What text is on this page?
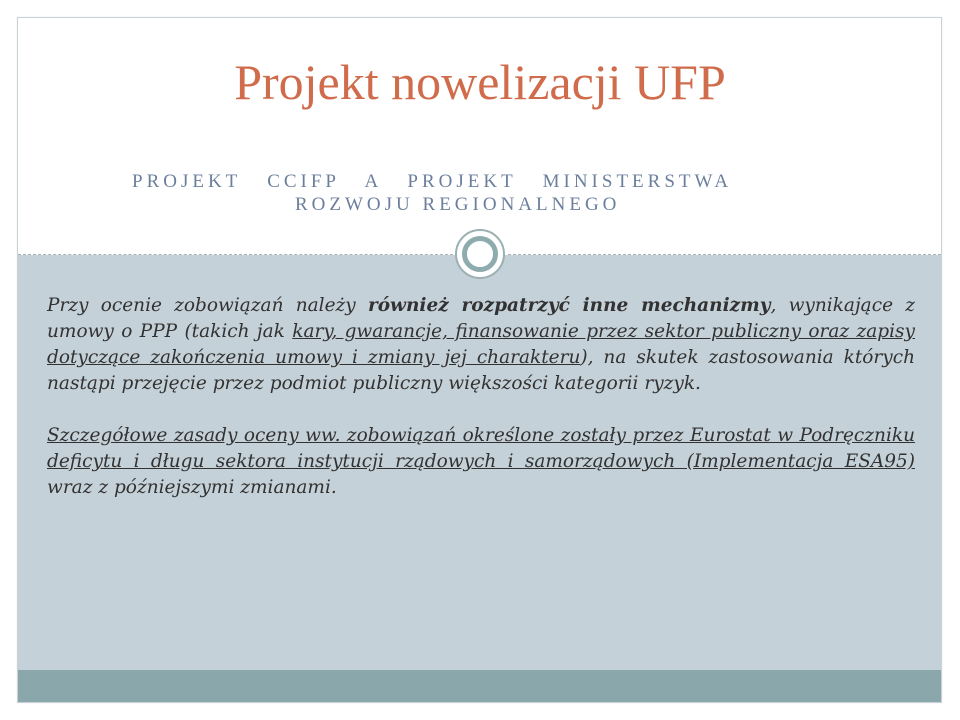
Projekt nowelizacji UFP
PROJEKT   CCIFP   A   PROJEKT   MINISTERSTWA
ROZWOJU REGIONALNEGO

Przy ocenie zobowiązań należy również rozpatrzyć inne mechanizmy, wynikające z umowy o PPP (takich jak kary, gwarancje, finansowanie przez sektor publiczny oraz zapisy dotyczące zakończenia umowy i zmiany jej charakteru), na skutek zastosowania których nastąpi przejęcie przez podmiot publiczny większości kategorii ryzyk.

Szczegółowe zasady oceny ww. zobowiązań określone zostały przez Eurostat w Podręczniku deficytu i długu sektora instytucji rządowych i samorządowych (Implementacja ESA95) wraz z późniejszymi zmianami.
